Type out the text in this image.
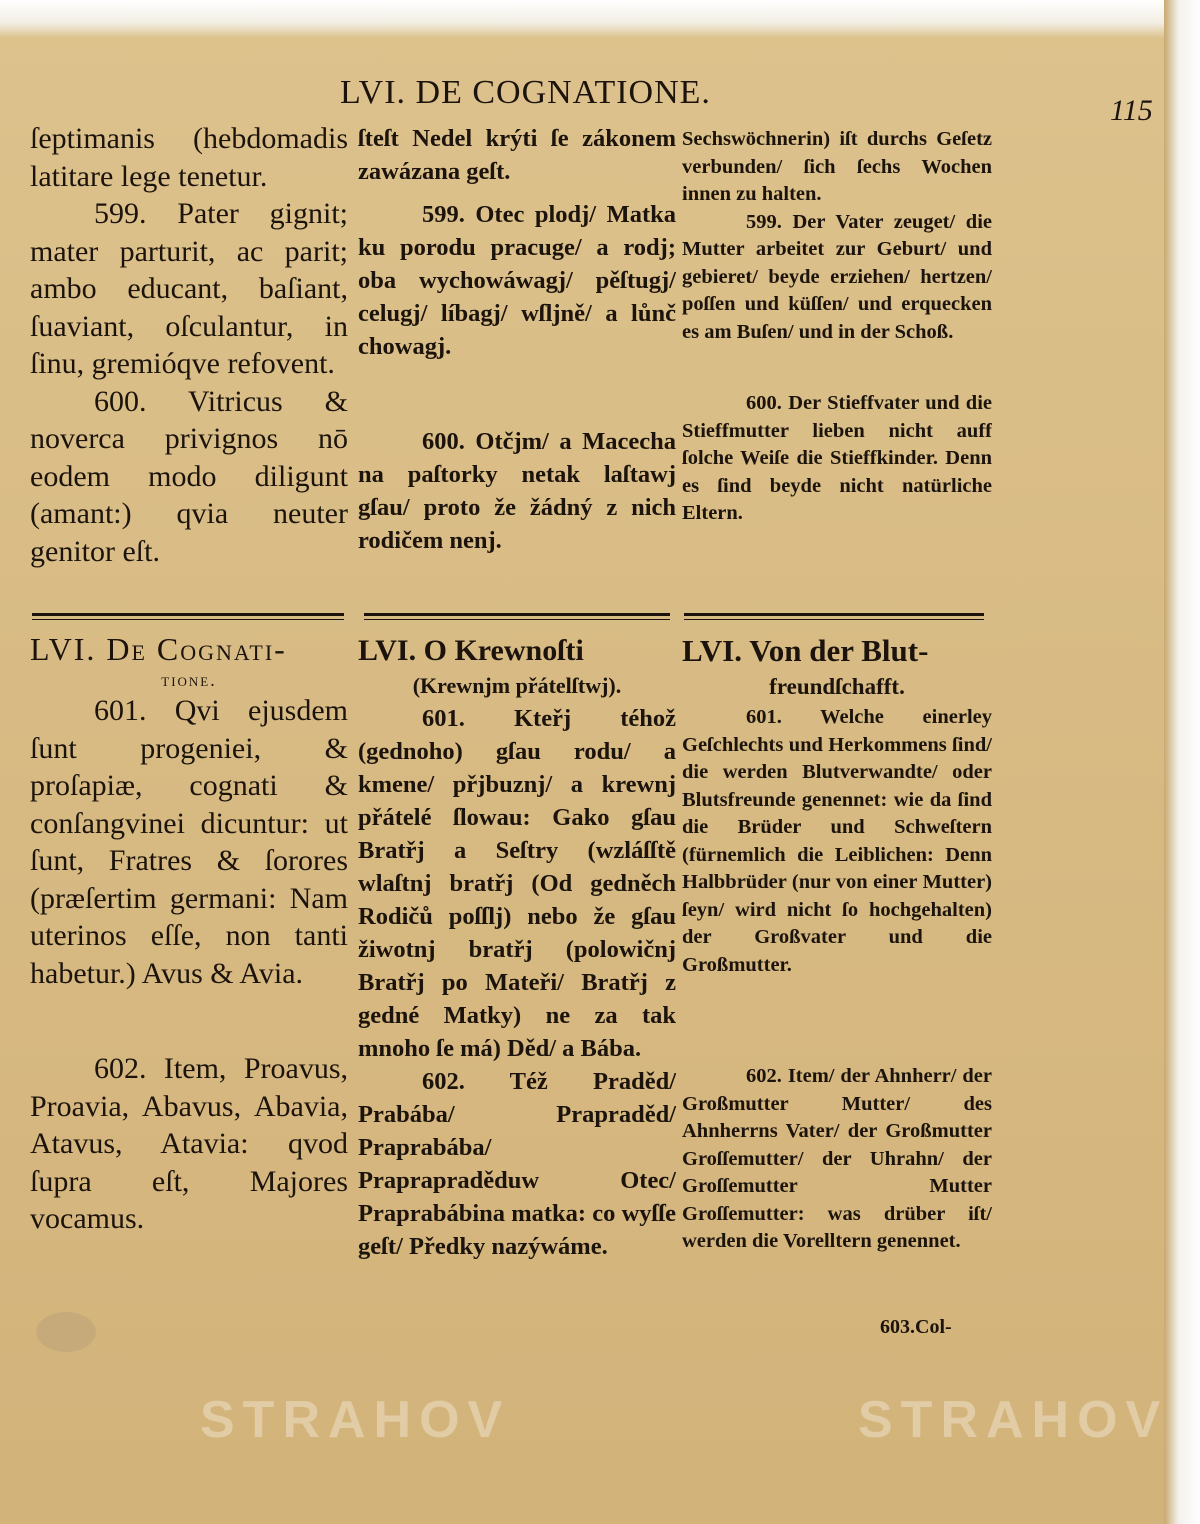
LVI. DE COGNATIONE.	115

ſeptimanis (hebdomadis latitare lege tenetur.

599. Pater gignit; mater parturit, ac parit; ambo educant, baſiant, ſuaviant, oſculantur, in ſinu, gremióqve refovent.

600. Vitricus & noverca privignos nō eodem modo diligunt (amant:) qvia neuter genitor eſt.

ſteſt Nedel krýti ſe zákonem zawázana geſt.

599. Otec plodj/ Matka ku porodu pracuge/ a rodj; oba wychowáwagj/ pěſtugj/ celugj/ líbagj/ wſljně/ a lůnč chowagj.

600. Otčjm/ a Macecha na paſtorky netak laſtawj gſau/ proto že žádný z nich rodičem nenj.

Sechswöchnerin) iſt durchs Geſetz verbunden/ ſich ſechs Wochen innen zu halten.

599. Der Vater zeuget/ die Mutter arbeitet zur Geburt/ und gebieret/ beyde erziehen/ hertzen/ poſſen und küſſen/ und erquecken es am Buſen/ und in der Schoß.

600. Der Stieffvater und die Stieffmutter lieben nicht auff ſolche Weiſe die Stieffkinder. Denn es ſind beyde nicht natürliche Eltern.

LVI. De Cognati-

tione.

601. Qvi ejusdem ſunt progeniei, & proſapiæ, cognati & conſangvinei dicuntur: ut ſunt, Fratres & ſorores (præſertim germani: Nam uterinos eſſe, non tanti habetur.) Avus & Avia.

602. Item, Proavus, Proavia, Abavus, Abavia, Atavus, Atavia: qvod ſupra eſt, Majores vocamus.

LVI. O Krewnoſti

(Krewnjm přátelſtwj).

601. Kteřj téhož (gednoho) gſau rodu/ a kmene/ přjbuznj/ a krewnj přátelé ſlowau: Gako gſau Bratřj a Seſtry (wzláſſtě wlaſtnj bratřj (Od gedněch Rodičů poſſlj) nebo že gſau žiwotnj bratřj (polowičnj Bratřj po Mateři/ Bratřj z gedné Matky) ne za tak mnoho ſe má) Děd/ a Bába.

602. Též Praděd/ Prabába/ Prapraděd/ Praprabába/ Praprapraděduw Otec/ Praprabábina matka: co wyſſe geſt/ Předky nazýwáme.

LVI. Von der Blut-

freundſchafft.

601. Welche einerley Geſchlechts und Herkommens ſind/ die werden Blutverwandte/ oder Blutsfreunde genennet: wie da ſind die Brüder und Schweſtern (fürnemlich die Leiblichen: Denn Halbbrüder (nur von einer Mutter) ſeyn/ wird nicht ſo hochgehalten) der Großvater und die Großmutter.

602. Item/ der Ahnherr/ der Großmutter Mutter/ des Ahnherrns Vater/ der Großmutter Groſſemutter/ der Uhrahn/ der Groſſemutter Mutter Groſſemutter: was drüber iſt/ werden die Vorelltern genennet.

603.Col-
STRAHOV	STRAHOV
